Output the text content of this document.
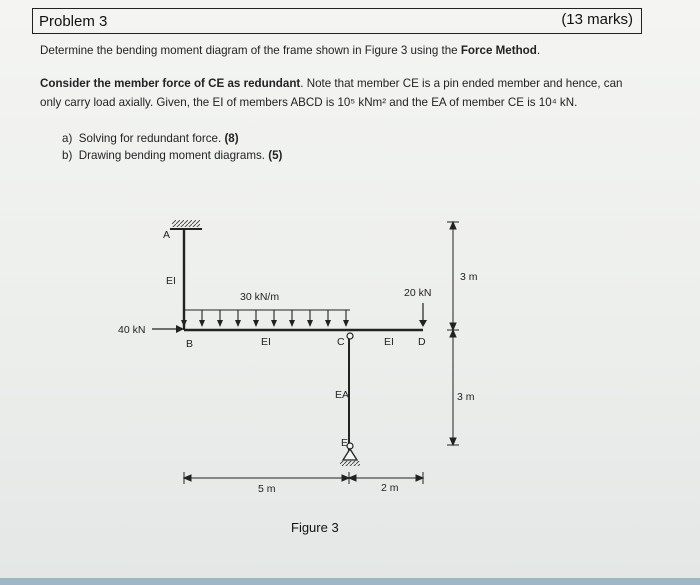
Problem 3	(13 marks)
Determine the bending moment diagram of the frame shown in Figure 3 using the Force Method.
Consider the member force of CE as redundant. Note that member CE is a pin ended member and hence, can
only carry load axially. Given, the EI of members ABCD is 10⁵ kNm² and the EA of member CE is 10⁴ kN.
a) Solving for redundant force. (8)
b) Drawing bending moment diagrams. (5)
A
EI
30 kN/m
40 kN
B	EI	C	EI
20 kN
D
EA
E
5 m	2 m
3 m
3 m
Figure 3
